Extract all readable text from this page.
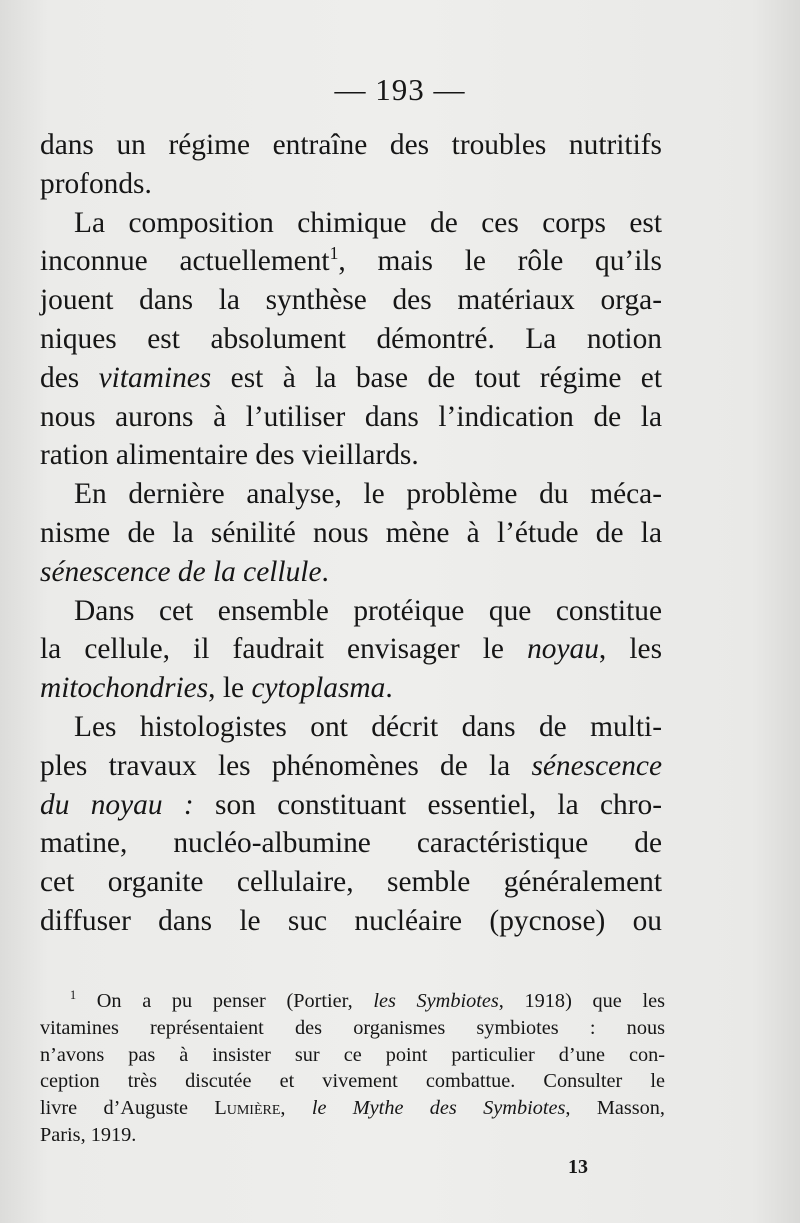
— 193 —
dans un régime entraîne des troubles nutritifs
profonds.
La composition chimique de ces corps est
inconnue actuellement$^1$, mais le rôle qu’ils
jouent dans la synthèse des matériaux orga-
niques est absolument démontré. La notion
des vitamines est à la base de tout régime et
nous aurons à l’utiliser dans l’indication de la
ration alimentaire des vieillards.
En dernière analyse, le problème du méca-
nisme de la sénilité nous mène à l’étude de la
sénescence de la cellule.
Dans cet ensemble protéique que constitue
la cellule, il faudrait envisager le noyau, les
mitochondries, le cytoplasma.
Les histologistes ont décrit dans de multi-
ples travaux les phénomènes de la sénescence
du noyau : son constituant essentiel, la chro-
matine, nucléo-albumine caractéristique de
cet organite cellulaire, semble généralement
diffuser dans le suc nucléaire (pycnose) ou
$^1$ On a pu penser (Portier, les Symbiotes, 1918) que les
vitamines représentaient des organismes symbiotes : nous
n’avons pas à insister sur ce point particulier d’une con-
ception très discutée et vivement combattue. Consulter le
livre d’Auguste Lumière, le Mythe des Symbiotes, Masson,
Paris, 1919.
13
